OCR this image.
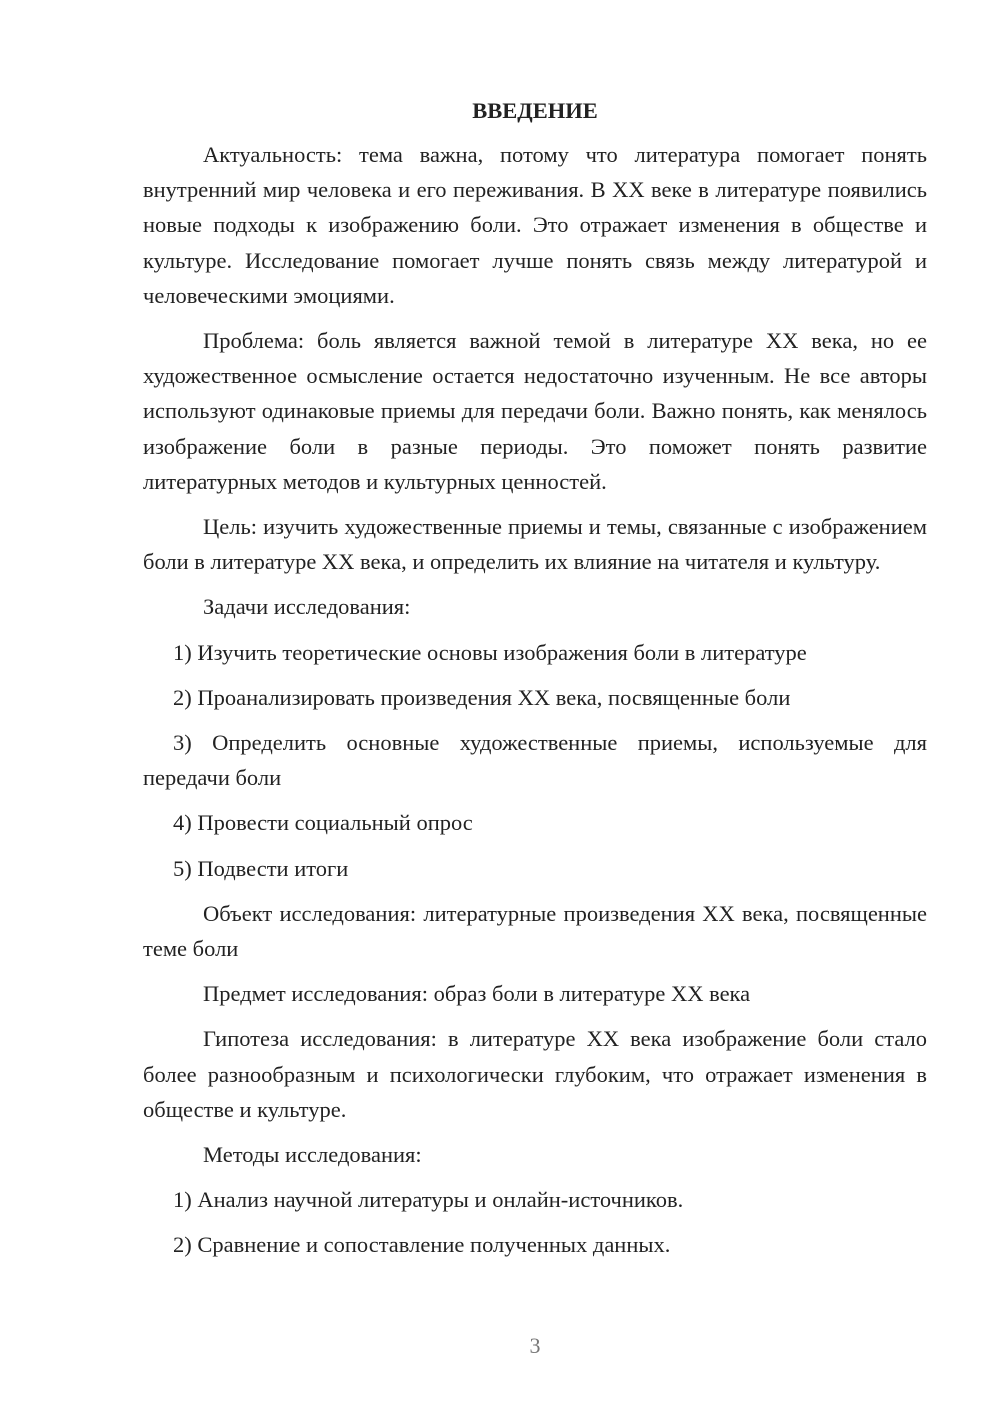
ВВЕДЕНИЕ

Актуальность: тема важна, потому что литература помогает понять внутренний мир человека и его переживания. В XX веке в литературе появились новые подходы к изображению боли. Это отражает изменения в обществе и культуре. Исследование помогает лучше понять связь между литературой и человеческими эмоциями.

Проблема: боль является важной темой в литературе XX века, но ее художественное осмысление остается недостаточно изученным. Не все авторы используют одинаковые приемы для передачи боли. Важно понять, как менялось изображение боли в разные периоды. Это поможет понять развитие литературных методов и культурных ценностей.

Цель: изучить художественные приемы и темы, связанные с изображением боли в литературе XX века, и определить их влияние на читателя и культуру.

Задачи исследования:

1) Изучить теоретические основы изображения боли в литературе

2) Проанализировать произведения XX века, посвященные боли

3) Определить основные художественные приемы, используемые для передачи боли

4) Провести социальный опрос

5) Подвести итоги

Объект исследования: литературные произведения XX века, посвященные теме боли

Предмет исследования: образ боли в литературе XX века

Гипотеза исследования: в литературе XX века изображение боли стало более разнообразным и психологически глубоким, что отражает изменения в обществе и культуре.

Методы исследования:

1) Анализ научной литературы и онлайн-источников.

2) Сравнение и сопоставление полученных данных.

3
